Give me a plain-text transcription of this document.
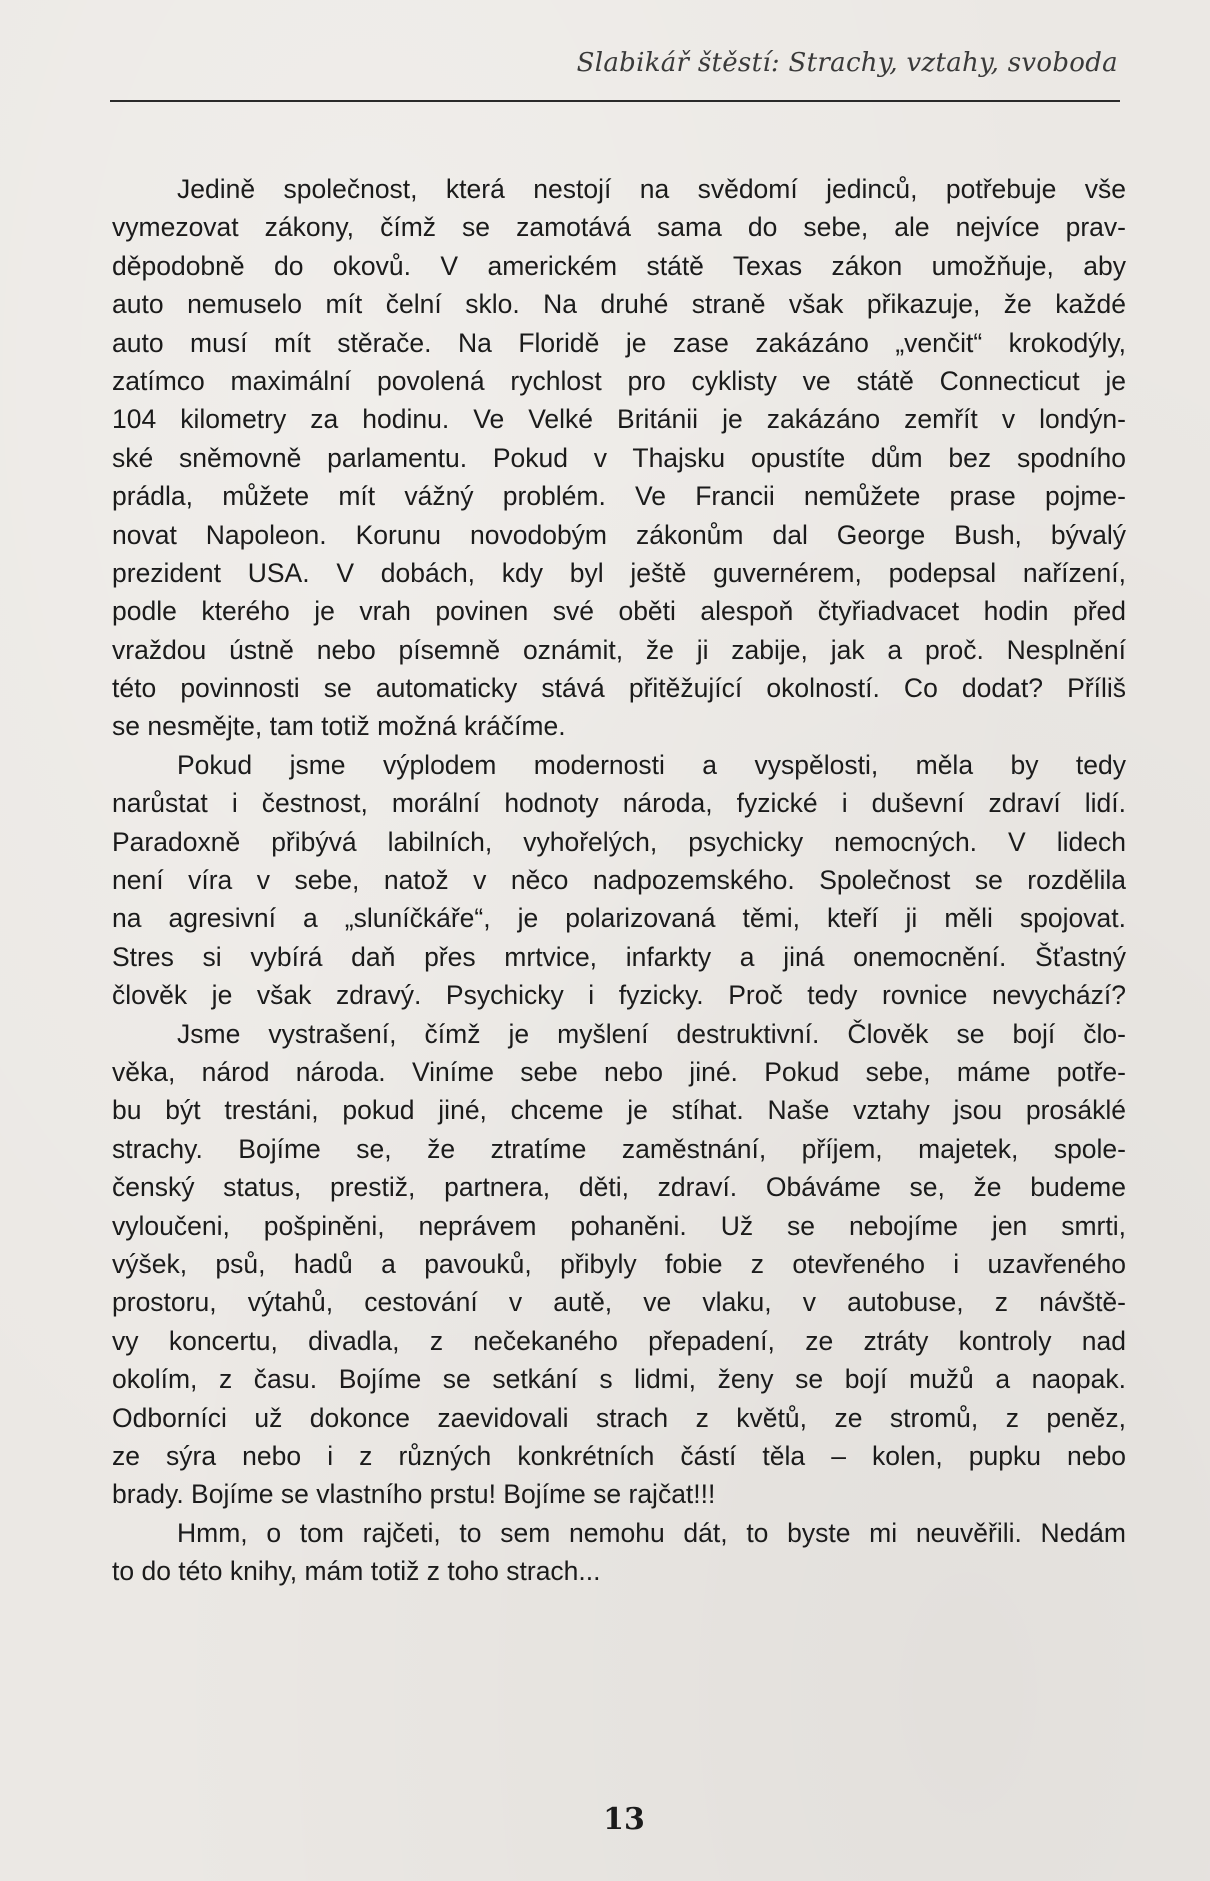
Slabikář štěstí: Strachy, vztahy, svoboda
Jedině společnost, která nestojí na svědomí jedinců, potřebuje vše
vymezovat zákony, čímž se zamotává sama do sebe, ale nejvíce prav-
děpodobně do okovů. V americkém státě Texas zákon umožňuje, aby
auto nemuselo mít čelní sklo. Na druhé straně však přikazuje, že každé
auto musí mít stěrače. Na Floridě je zase zakázáno „venčit“ krokodýly,
zatímco maximální povolená rychlost pro cyklisty ve státě Connecticut je
104 kilometry za hodinu. Ve Velké Británii je zakázáno zemřít v londýn-
ské sněmovně parlamentu. Pokud v Thajsku opustíte dům bez spodního
prádla, můžete mít vážný problém. Ve Francii nemůžete prase pojme-
novat Napoleon. Korunu novodobým zákonům dal George Bush, bývalý
prezident USA. V dobách, kdy byl ještě guvernérem, podepsal nařízení,
podle kterého je vrah povinen své oběti alespoň čtyřiadvacet hodin před
vraždou ústně nebo písemně oznámit, že ji zabije, jak a proč. Nesplnění
této povinnosti se automaticky stává přitěžující okolností. Co dodat? Příliš
se nesmějte, tam totiž možná kráčíme.
Pokud jsme výplodem modernosti a vyspělosti, měla by tedy
narůstat i čestnost, morální hodnoty národa, fyzické i duševní zdraví lidí.
Paradoxně přibývá labilních, vyhořelých, psychicky nemocných. V lidech
není víra v sebe, natož v něco nadpozemského. Společnost se rozdělila
na agresivní a „sluníčkáře“, je polarizovaná těmi, kteří ji měli spojovat.
Stres si vybírá daň přes mrtvice, infarkty a jiná onemocnění. Šťastný
člověk je však zdravý. Psychicky i fyzicky. Proč tedy rovnice nevychází?
Jsme vystrašení, čímž je myšlení destruktivní. Člověk se bojí člo-
věka, národ národa. Viníme sebe nebo jiné. Pokud sebe, máme potře-
bu být trestáni, pokud jiné, chceme je stíhat. Naše vztahy jsou prosáklé
strachy. Bojíme se, že ztratíme zaměstnání, příjem, majetek, spole-
čenský status, prestiž, partnera, děti, zdraví. Obáváme se, že budeme
vyloučeni, pošpiněni, neprávem pohaněni. Už se nebojíme jen smrti,
výšek, psů, hadů a pavouků, přibyly fobie z otevřeného i uzavřeného
prostoru, výtahů, cestování v autě, ve vlaku, v autobuse, z návště-
vy koncertu, divadla, z nečekaného přepadení, ze ztráty kontroly nad
okolím, z času. Bojíme se setkání s lidmi, ženy se bojí mužů a naopak.
Odborníci už dokonce zaevidovali strach z květů, ze stromů, z peněz,
ze sýra nebo i z různých konkrétních částí těla – kolen, pupku nebo
brady. Bojíme se vlastního prstu! Bojíme se rajčat!!!
Hmm, o tom rajčeti, to sem nemohu dát, to byste mi neuvěřili. Nedám
to do této knihy, mám totiž z toho strach...
13
